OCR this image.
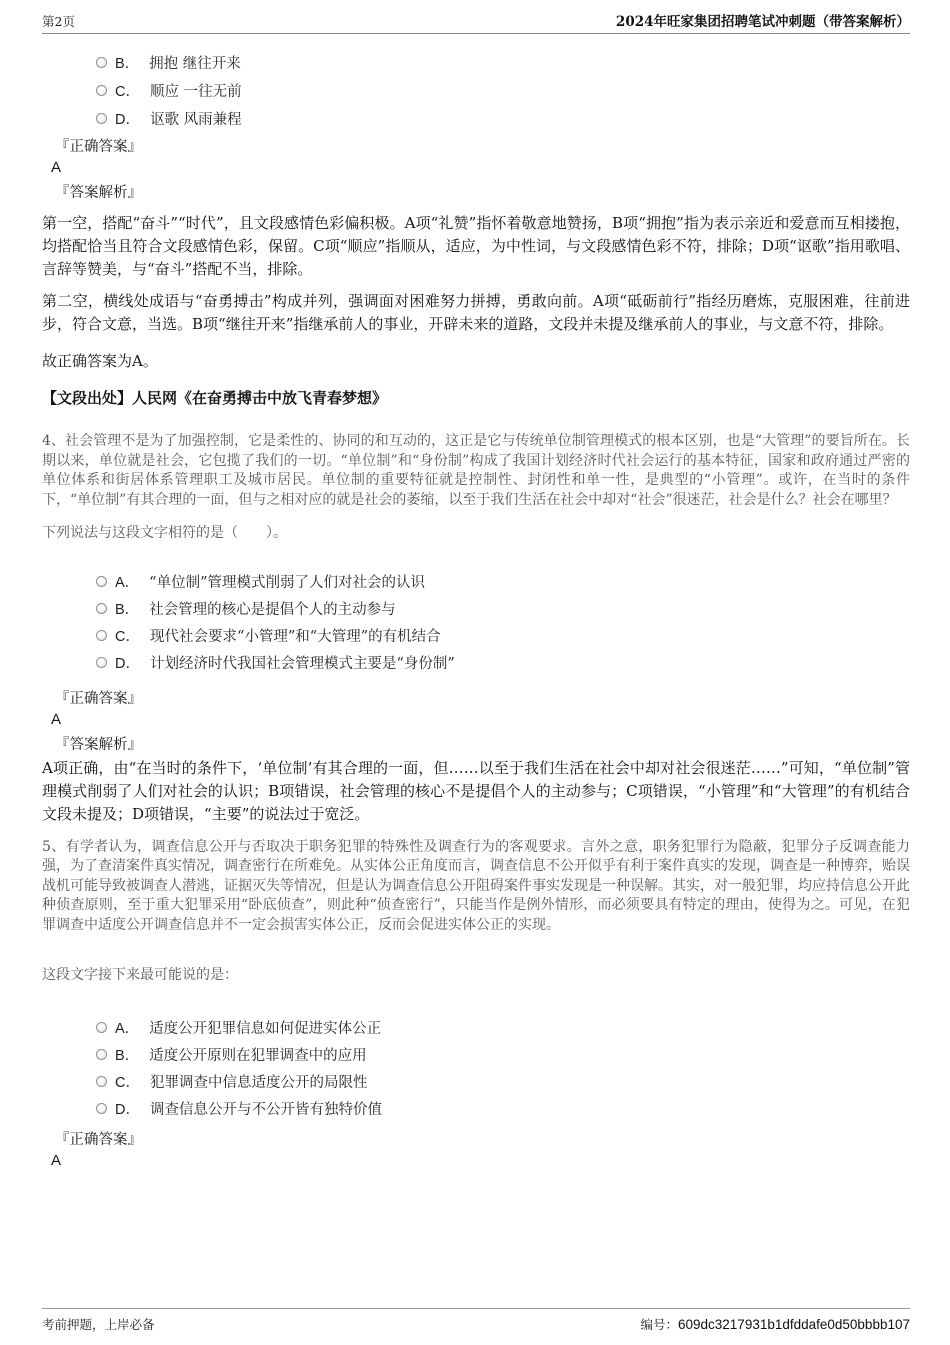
第2页	2024年旺家集团招聘笔试冲刺题（带答案解析）
B． 拥抱 继往开来
C． 顺应 一往无前
D． 讴歌 风雨兼程
『正确答案』
A
『答案解析』

第一空，搭配“奋斗”“时代”，且文段感情色彩偏积极。A项“礼赞”指怀着敬意地赞扬，B项“拥抱”指为表示亲近和爱意而互相搂抱，均搭配恰当且符合文段感情色彩，保留。C项“顺应”指顺从，适应，为中性词，与文段感情色彩不符，排除；D项“讴歌”指用歌唱、言辞等赞美，与“奋斗”搭配不当，排除。

第二空，横线处成语与“奋勇搏击”构成并列，强调面对困难努力拼搏，勇敢向前。A项“砥砺前行”指经历磨炼，克服困难，往前进步，符合文意，当选。B项“继往开来”指继承前人的事业，开辟未来的道路，文段并未提及继承前人的事业，与文意不符，排除。

故正确答案为A。
【文段出处】人民网《在奋勇搏击中放飞青春梦想》

4、社会管理不是为了加强控制，它是柔性的、协同的和互动的，这正是它与传统单位制管理模式的根本区别，也是“大管理”的要旨所在。长期以来，单位就是社会，它包揽了我们的一切。“单位制”和“身份制”构成了我国计划经济时代社会运行的基本特征，国家和政府通过严密的单位体系和街居体系管理职工及城市居民。单位制的重要特征就是控制性、封闭性和单一性，是典型的“小管理”。或许，在当时的条件下，“单位制”有其合理的一面，但与之相对应的就是社会的萎缩，以至于我们生活在社会中却对“社会”很迷茫，社会是什么？社会在哪里？

下列说法与这段文字相符的是（　　）。

A． “单位制”管理模式削弱了人们对社会的认识
B． 社会管理的核心是提倡个人的主动参与
C． 现代社会要求“小管理”和“大管理”的有机结合
D． 计划经济时代我国社会管理模式主要是“身份制”
『正确答案』
A
『答案解析』

A项正确，由“在当时的条件下，‘单位制’有其合理的一面，但……以至于我们生活在社会中却对社会很迷茫……”可知，“单位制”管理模式削弱了人们对社会的认识；B项错误，社会管理的核心不是提倡个人的主动参与；C项错误，“小管理”和“大管理”的有机结合文段未提及；D项错误，“主要”的说法过于宽泛。

5、有学者认为，调查信息公开与否取决于职务犯罪的特殊性及调查行为的客观要求。言外之意，职务犯罪行为隐蔽，犯罪分子反调查能力强，为了查清案件真实情况，调查密行在所难免。从实体公正角度而言，调查信息不公开似乎有利于案件真实的发现，调查是一种博弈，贻误战机可能导致被调查人潜逃，证据灭失等情况，但是认为调查信息公开阻碍案件事实发现是一种误解。其实，对一般犯罪，均应持信息公开此种侦查原则，至于重大犯罪采用“卧底侦查”，则此种“侦查密行”，只能当作是例外情形，而必须要具有特定的理由，使得为之。可见，在犯罪调查中适度公开调查信息并不一定会损害实体公正，反而会促进实体公正的实现。

这段文字接下来最可能说的是：

A． 适度公开犯罪信息如何促进实体公正
B． 适度公开原则在犯罪调查中的应用
C． 犯罪调查中信息适度公开的局限性
D． 调查信息公开与不公开皆有独特价值
『正确答案』
A
考前押题，上岸必备	编号：609dc3217931b1dfddafe0d50bbbb107
